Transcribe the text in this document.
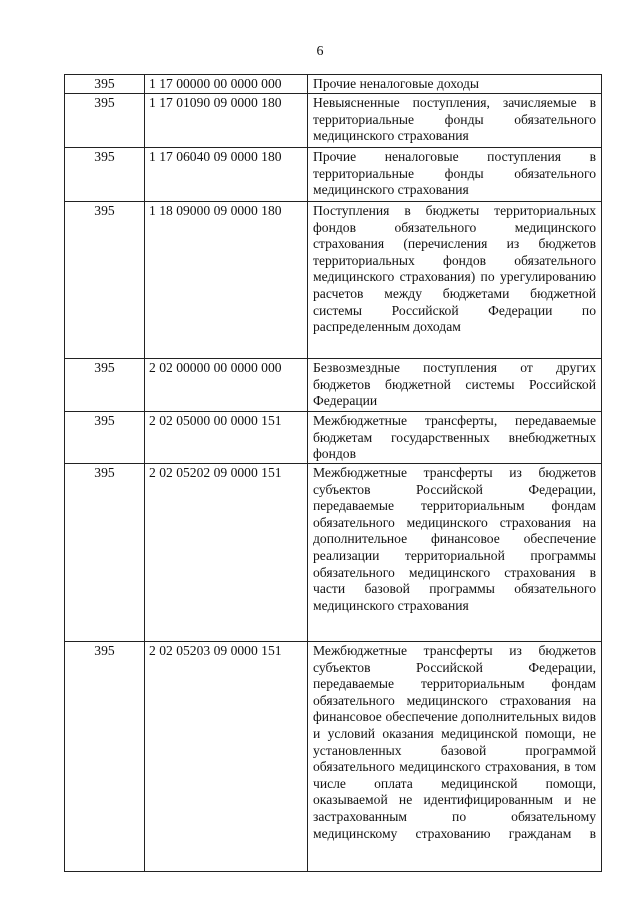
6
395	1 17 00000 00 0000 000	Прочие неналоговые доходы
395	1 17 01090 09 0000 180	Невыясненные поступления, зачисляемые в территориальные фонды обязательного медицинского страхования
395	1 17 06040 09 0000 180	Прочие неналоговые поступления в территориальные фонды обязательного медицинского страхования
395	1 18 09000 09 0000 180	Поступления в бюджеты территориальных фондов обязательного медицинского страхования (перечисления из бюджетов территориальных фондов обязательного медицинского страхования) по урегулированию расчетов между бюджетами бюджетной системы Российской Федерации по распределенным доходам
395	2 02 00000 00 0000 000	Безвозмездные поступления от других бюджетов бюджетной системы Российской Федерации
395	2 02 05000 00 0000 151	Межбюджетные трансферты, передаваемые бюджетам государственных внебюджетных фондов
395	2 02 05202 09 0000 151	Межбюджетные трансферты из бюджетов субъектов Российской Федерации, передаваемые территориальным фондам обязательного медицинского страхования на дополнительное финансовое обеспечение реализации территориальной программы обязательного медицинского страхования в части базовой программы обязательного медицинского страхования
395	2 02 05203 09 0000 151	Межбюджетные трансферты из бюджетов субъектов Российской Федерации, передаваемые территориальным фондам обязательного медицинского страхования на финансовое обеспечение дополнительных видов и условий оказания медицинской помощи, не установленных базовой программой обязательного медицинского страхования, в том числе оплата медицинской помощи, оказываемой не идентифицированным и не застрахованным по обязательному медицинскому страхованию гражданам в
